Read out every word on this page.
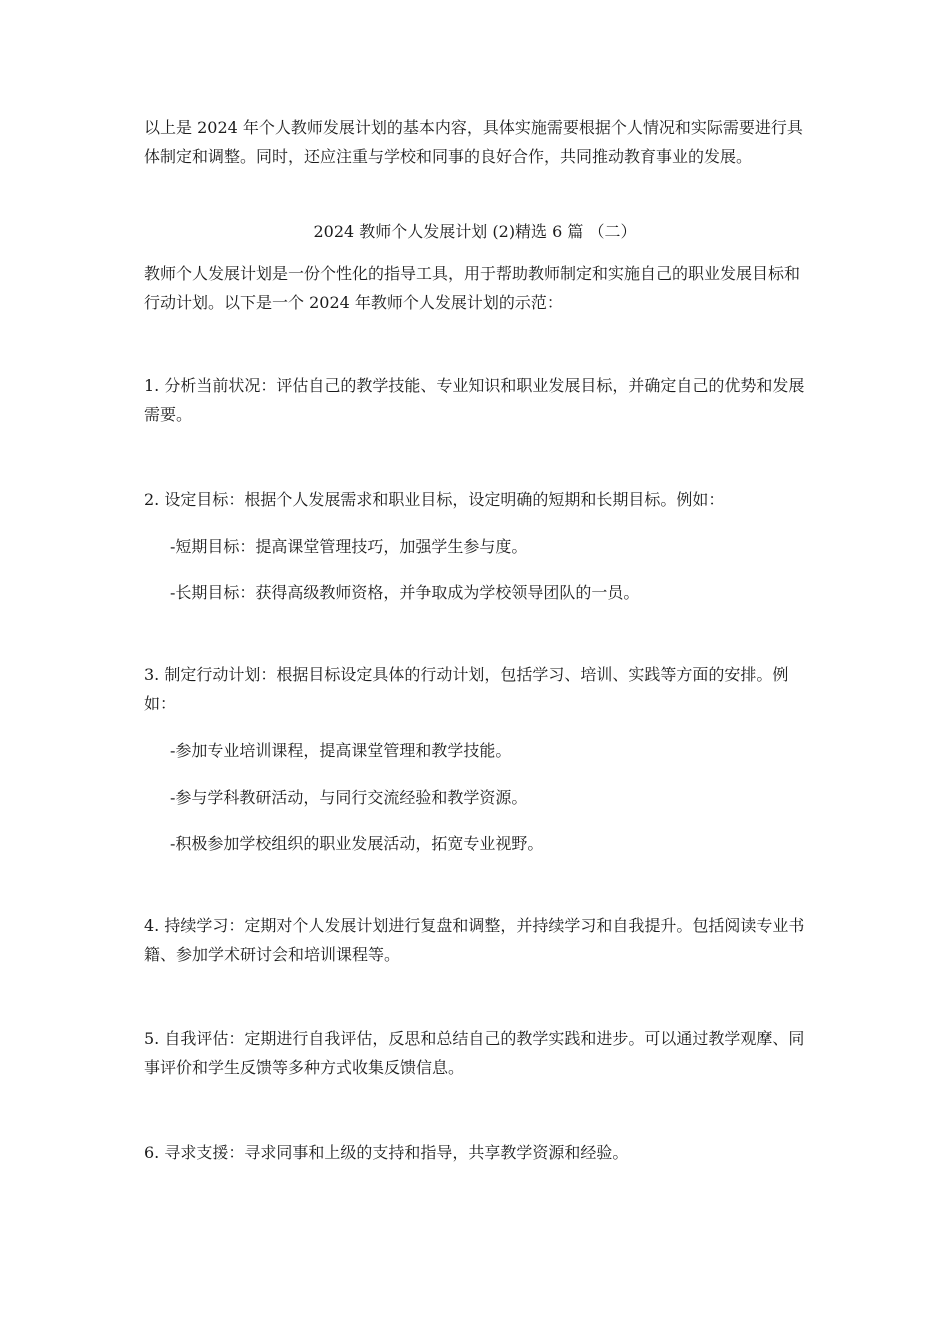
以上是 2024 年个人教师发展计划的基本内容，具体实施需要根据个人情况和实际需要进行具体制定和调整。同时，还应注重与学校和同事的良好合作，共同推动教育事业的发展。
2024 教师个人发展计划 (2)精选 6 篇 （二）
教师个人发展计划是一份个性化的指导工具，用于帮助教师制定和实施自己的职业发展目标和行动计划。以下是一个 2024 年教师个人发展计划的示范：
1. 分析当前状况：评估自己的教学技能、专业知识和职业发展目标，并确定自己的优势和发展需要。
2. 设定目标：根据个人发展需求和职业目标，设定明确的短期和长期目标。例如：
-短期目标：提高课堂管理技巧，加强学生参与度。
-长期目标：获得高级教师资格，并争取成为学校领导团队的一员。
3. 制定行动计划：根据目标设定具体的行动计划，包括学习、培训、实践等方面的安排。例如：
-参加专业培训课程，提高课堂管理和教学技能。
-参与学科教研活动，与同行交流经验和教学资源。
-积极参加学校组织的职业发展活动，拓宽专业视野。
4. 持续学习：定期对个人发展计划进行复盘和调整，并持续学习和自我提升。包括阅读专业书籍、参加学术研讨会和培训课程等。
5. 自我评估：定期进行自我评估，反思和总结自己的教学实践和进步。可以通过教学观摩、同事评价和学生反馈等多种方式收集反馈信息。
6. 寻求支援：寻求同事和上级的支持和指导，共享教学资源和经验。
